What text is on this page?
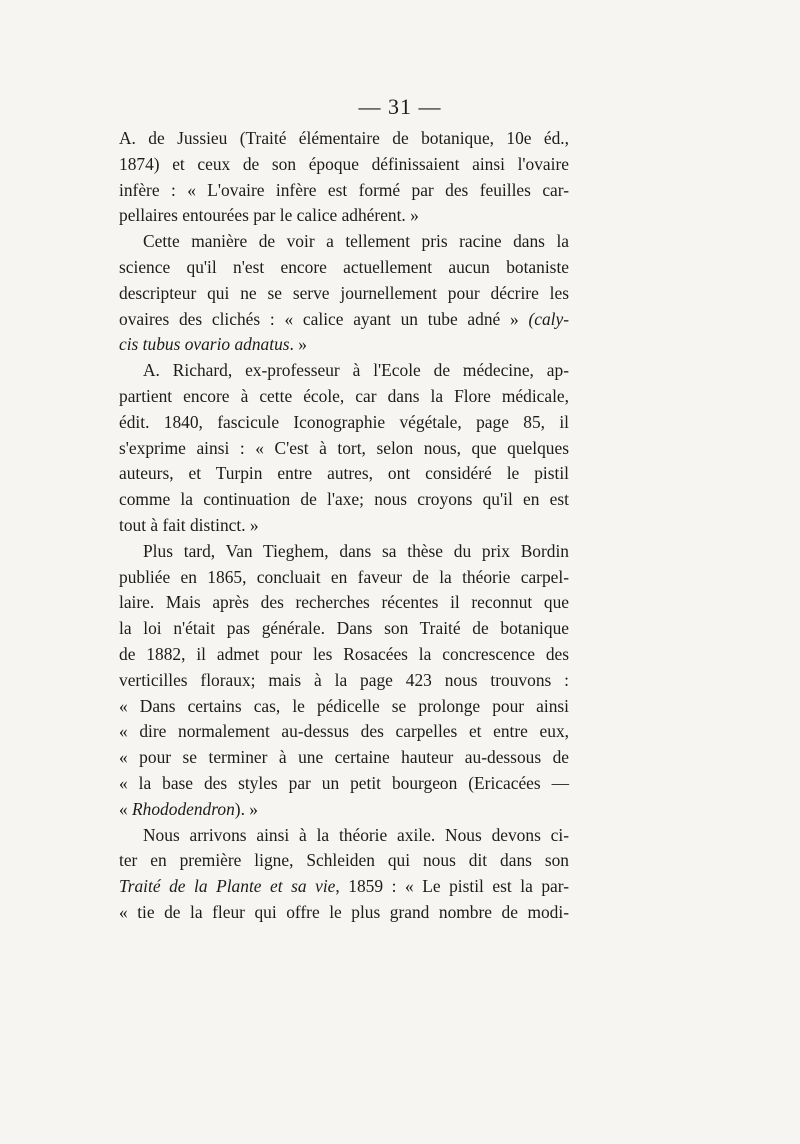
— 31 —
A. de Jussieu (Traité élémentaire de botanique, 10e éd.,
1874) et ceux de son époque définissaient ainsi l'ovaire
infère : « L'ovaire infère est formé par des feuilles car-
pellaires entourées par le calice adhérent. »
Cette manière de voir a tellement pris racine dans la
science qu'il n'est encore actuellement aucun botaniste
descripteur qui ne se serve journellement pour décrire les
ovaires des clichés : « calice ayant un tube adné » (caly-
cis tubus ovario adnatus. »
A. Richard, ex-professeur à l'Ecole de médecine, ap-
partient encore à cette école, car dans la Flore médicale,
édit. 1840, fascicule Iconographie végétale, page 85, il
s'exprime ainsi : « C'est à tort, selon nous, que quelques
auteurs, et Turpin entre autres, ont considéré le pistil
comme la continuation de l'axe; nous croyons qu'il en est
tout à fait distinct. »
Plus tard, Van Tieghem, dans sa thèse du prix Bordin
publiée en 1865, concluait en faveur de la théorie carpel-
laire. Mais après des recherches récentes il reconnut que
la loi n'était pas générale. Dans son Traité de botanique
de 1882, il admet pour les Rosacées la concrescence des
verticilles floraux; mais à la page 423 nous trouvons :
« Dans certains cas, le pédicelle se prolonge pour ainsi
« dire normalement au-dessus des carpelles et entre eux,
« pour se terminer à une certaine hauteur au-dessous de
« la base des styles par un petit bourgeon (Ericacées —
« Rhododendron). »
Nous arrivons ainsi à la théorie axile. Nous devons ci-
ter en première ligne, Schleiden qui nous dit dans son
Traité de la Plante et sa vie, 1859 : « Le pistil est la par-
« tie de la fleur qui offre le plus grand nombre de modi-
